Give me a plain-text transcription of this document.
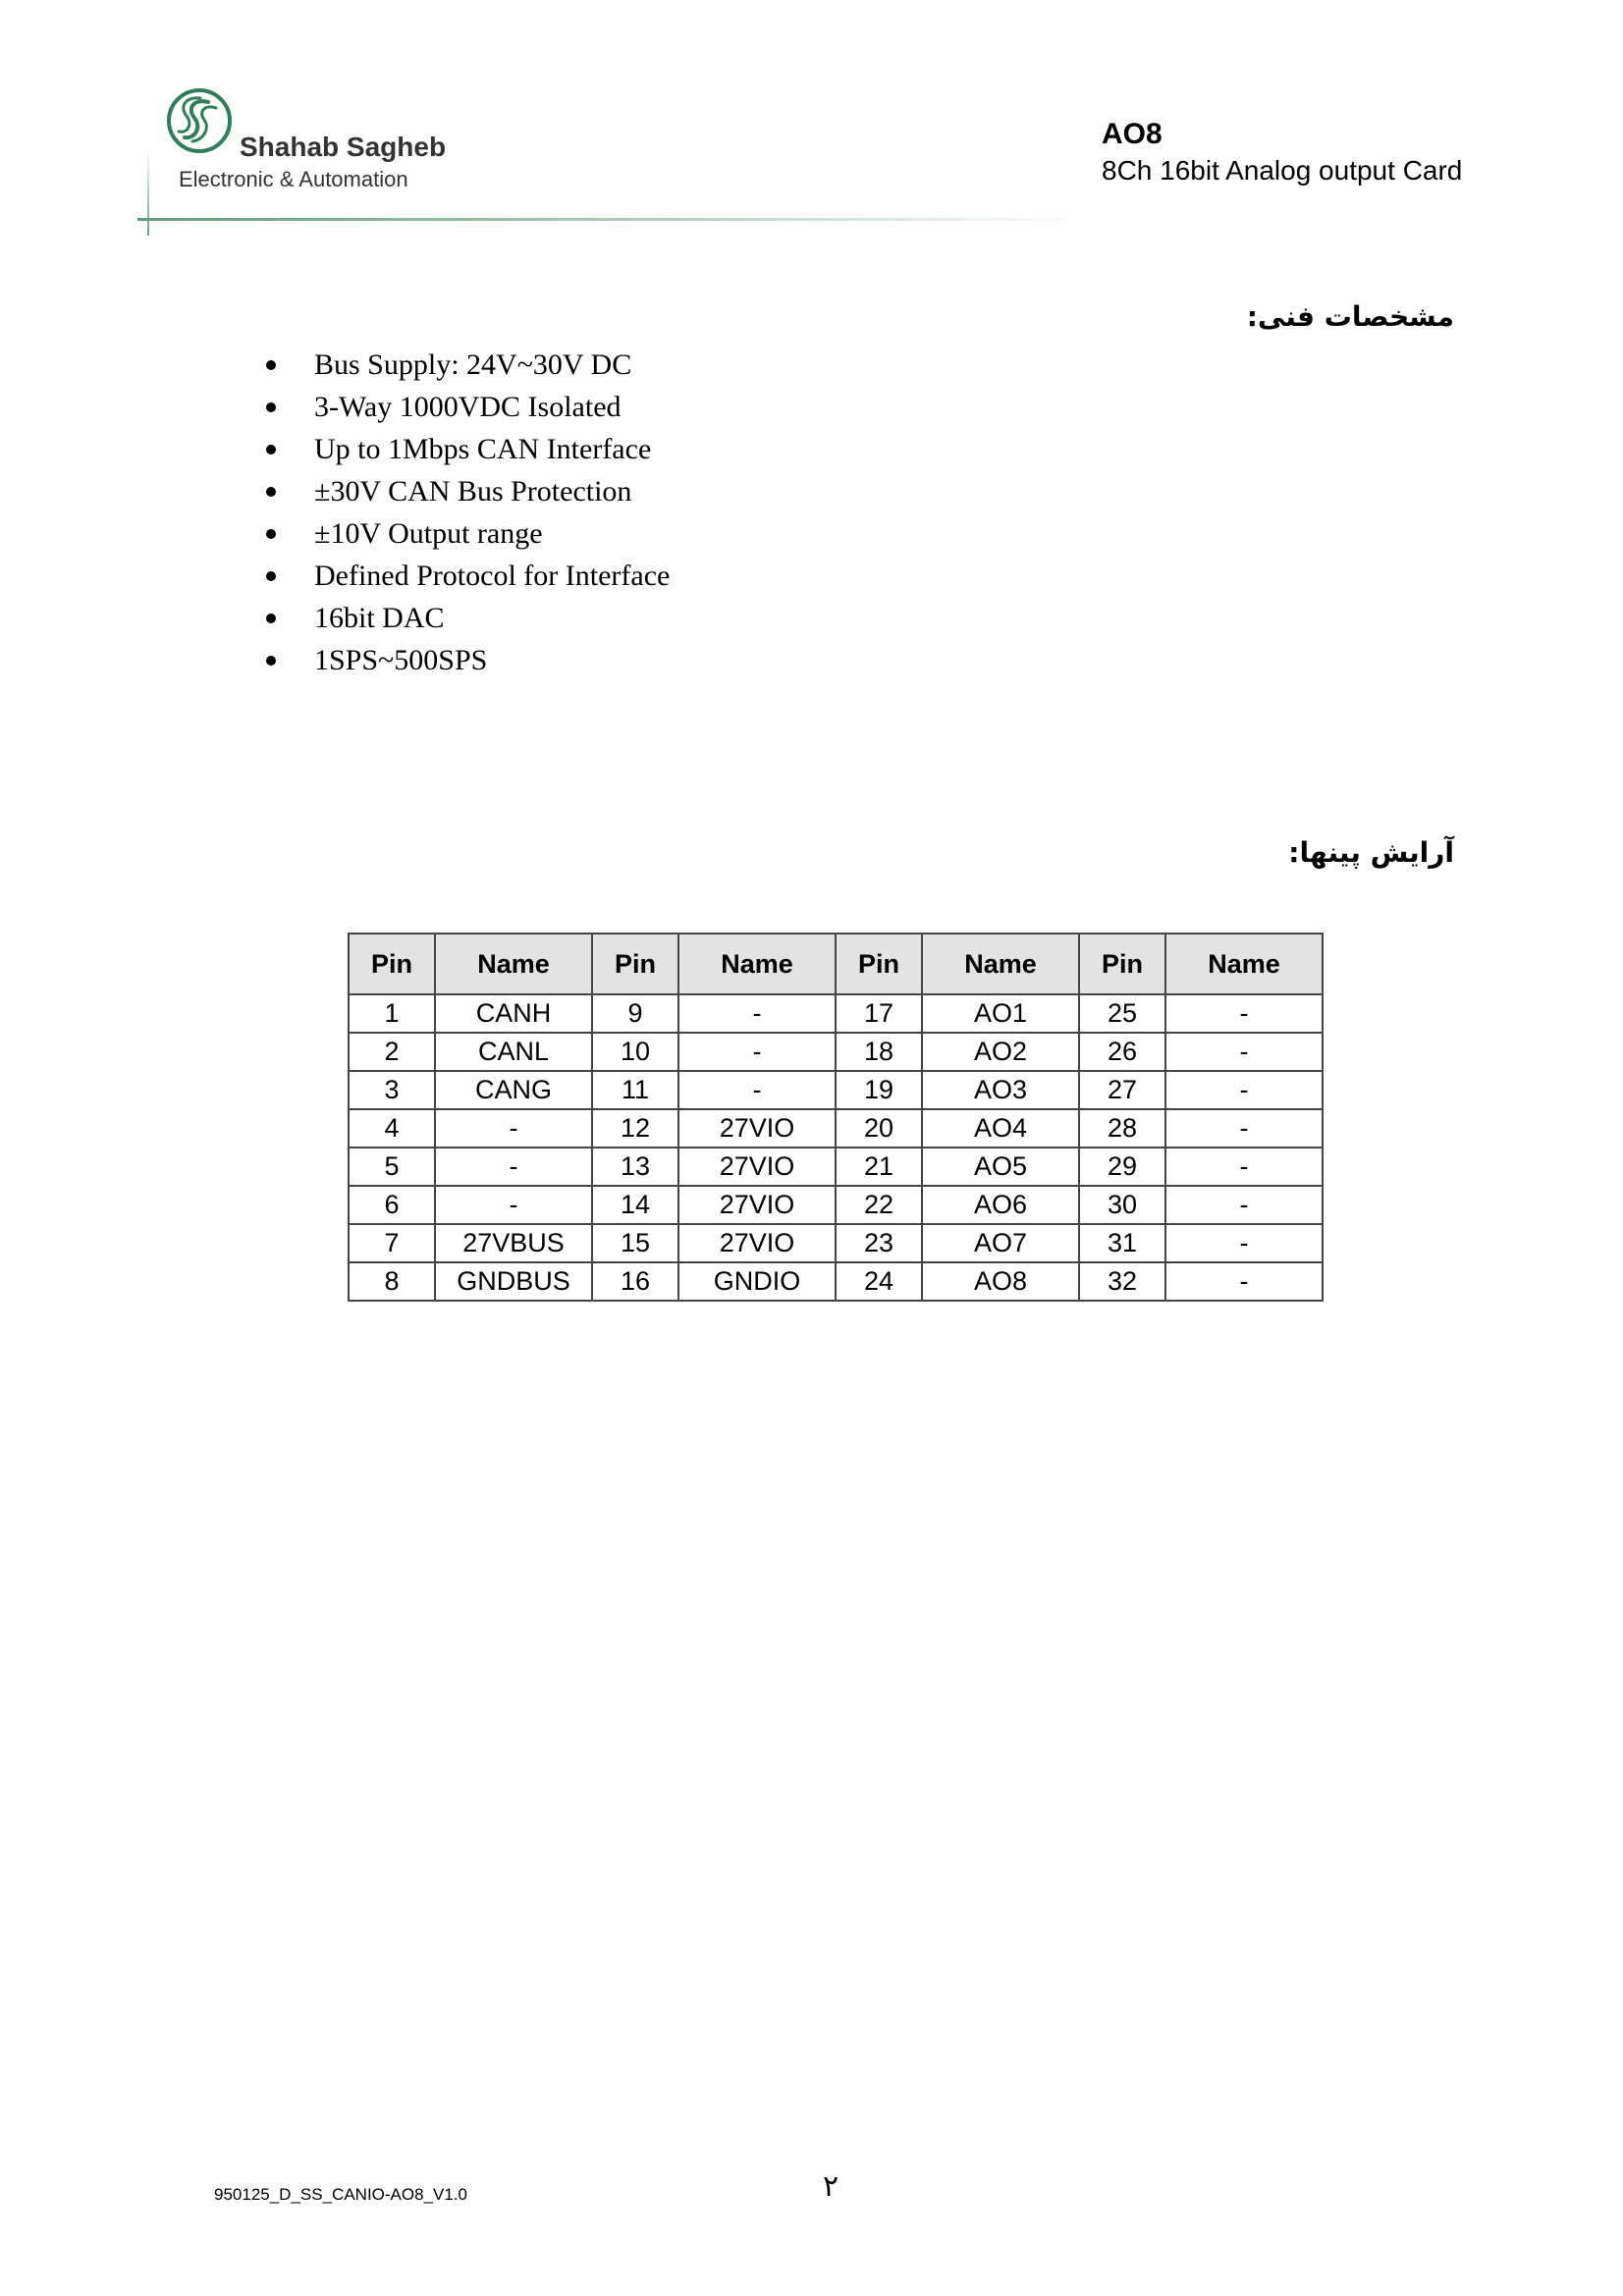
Shahab Sagheb
Electronic & Automation
AO8
8Ch 16bit Analog output Card
مشخصات فنی:
Bus Supply: 24V~30V DC
3-Way 1000VDC Isolated
Up to 1Mbps CAN Interface
±30V CAN Bus Protection
±10V Output range
Defined Protocol for Interface
16bit DAC
1SPS~500SPS
آرایش پینها:
Pin	Name	Pin	Name	Pin	Name	Pin	Name
1	CANH	9	-	17	AO1	25	-
2	CANL	10	-	18	AO2	26	-
3	CANG	11	-	19	AO3	27	-
4	-	12	27VIO	20	AO4	28	-
5	-	13	27VIO	21	AO5	29	-
6	-	14	27VIO	22	AO6	30	-
7	27VBUS	15	27VIO	23	AO7	31	-
8	GNDBUS	16	GNDIO	24	AO8	32	-
950125_D_SS_CANIO-AO8_V1.0	٢
